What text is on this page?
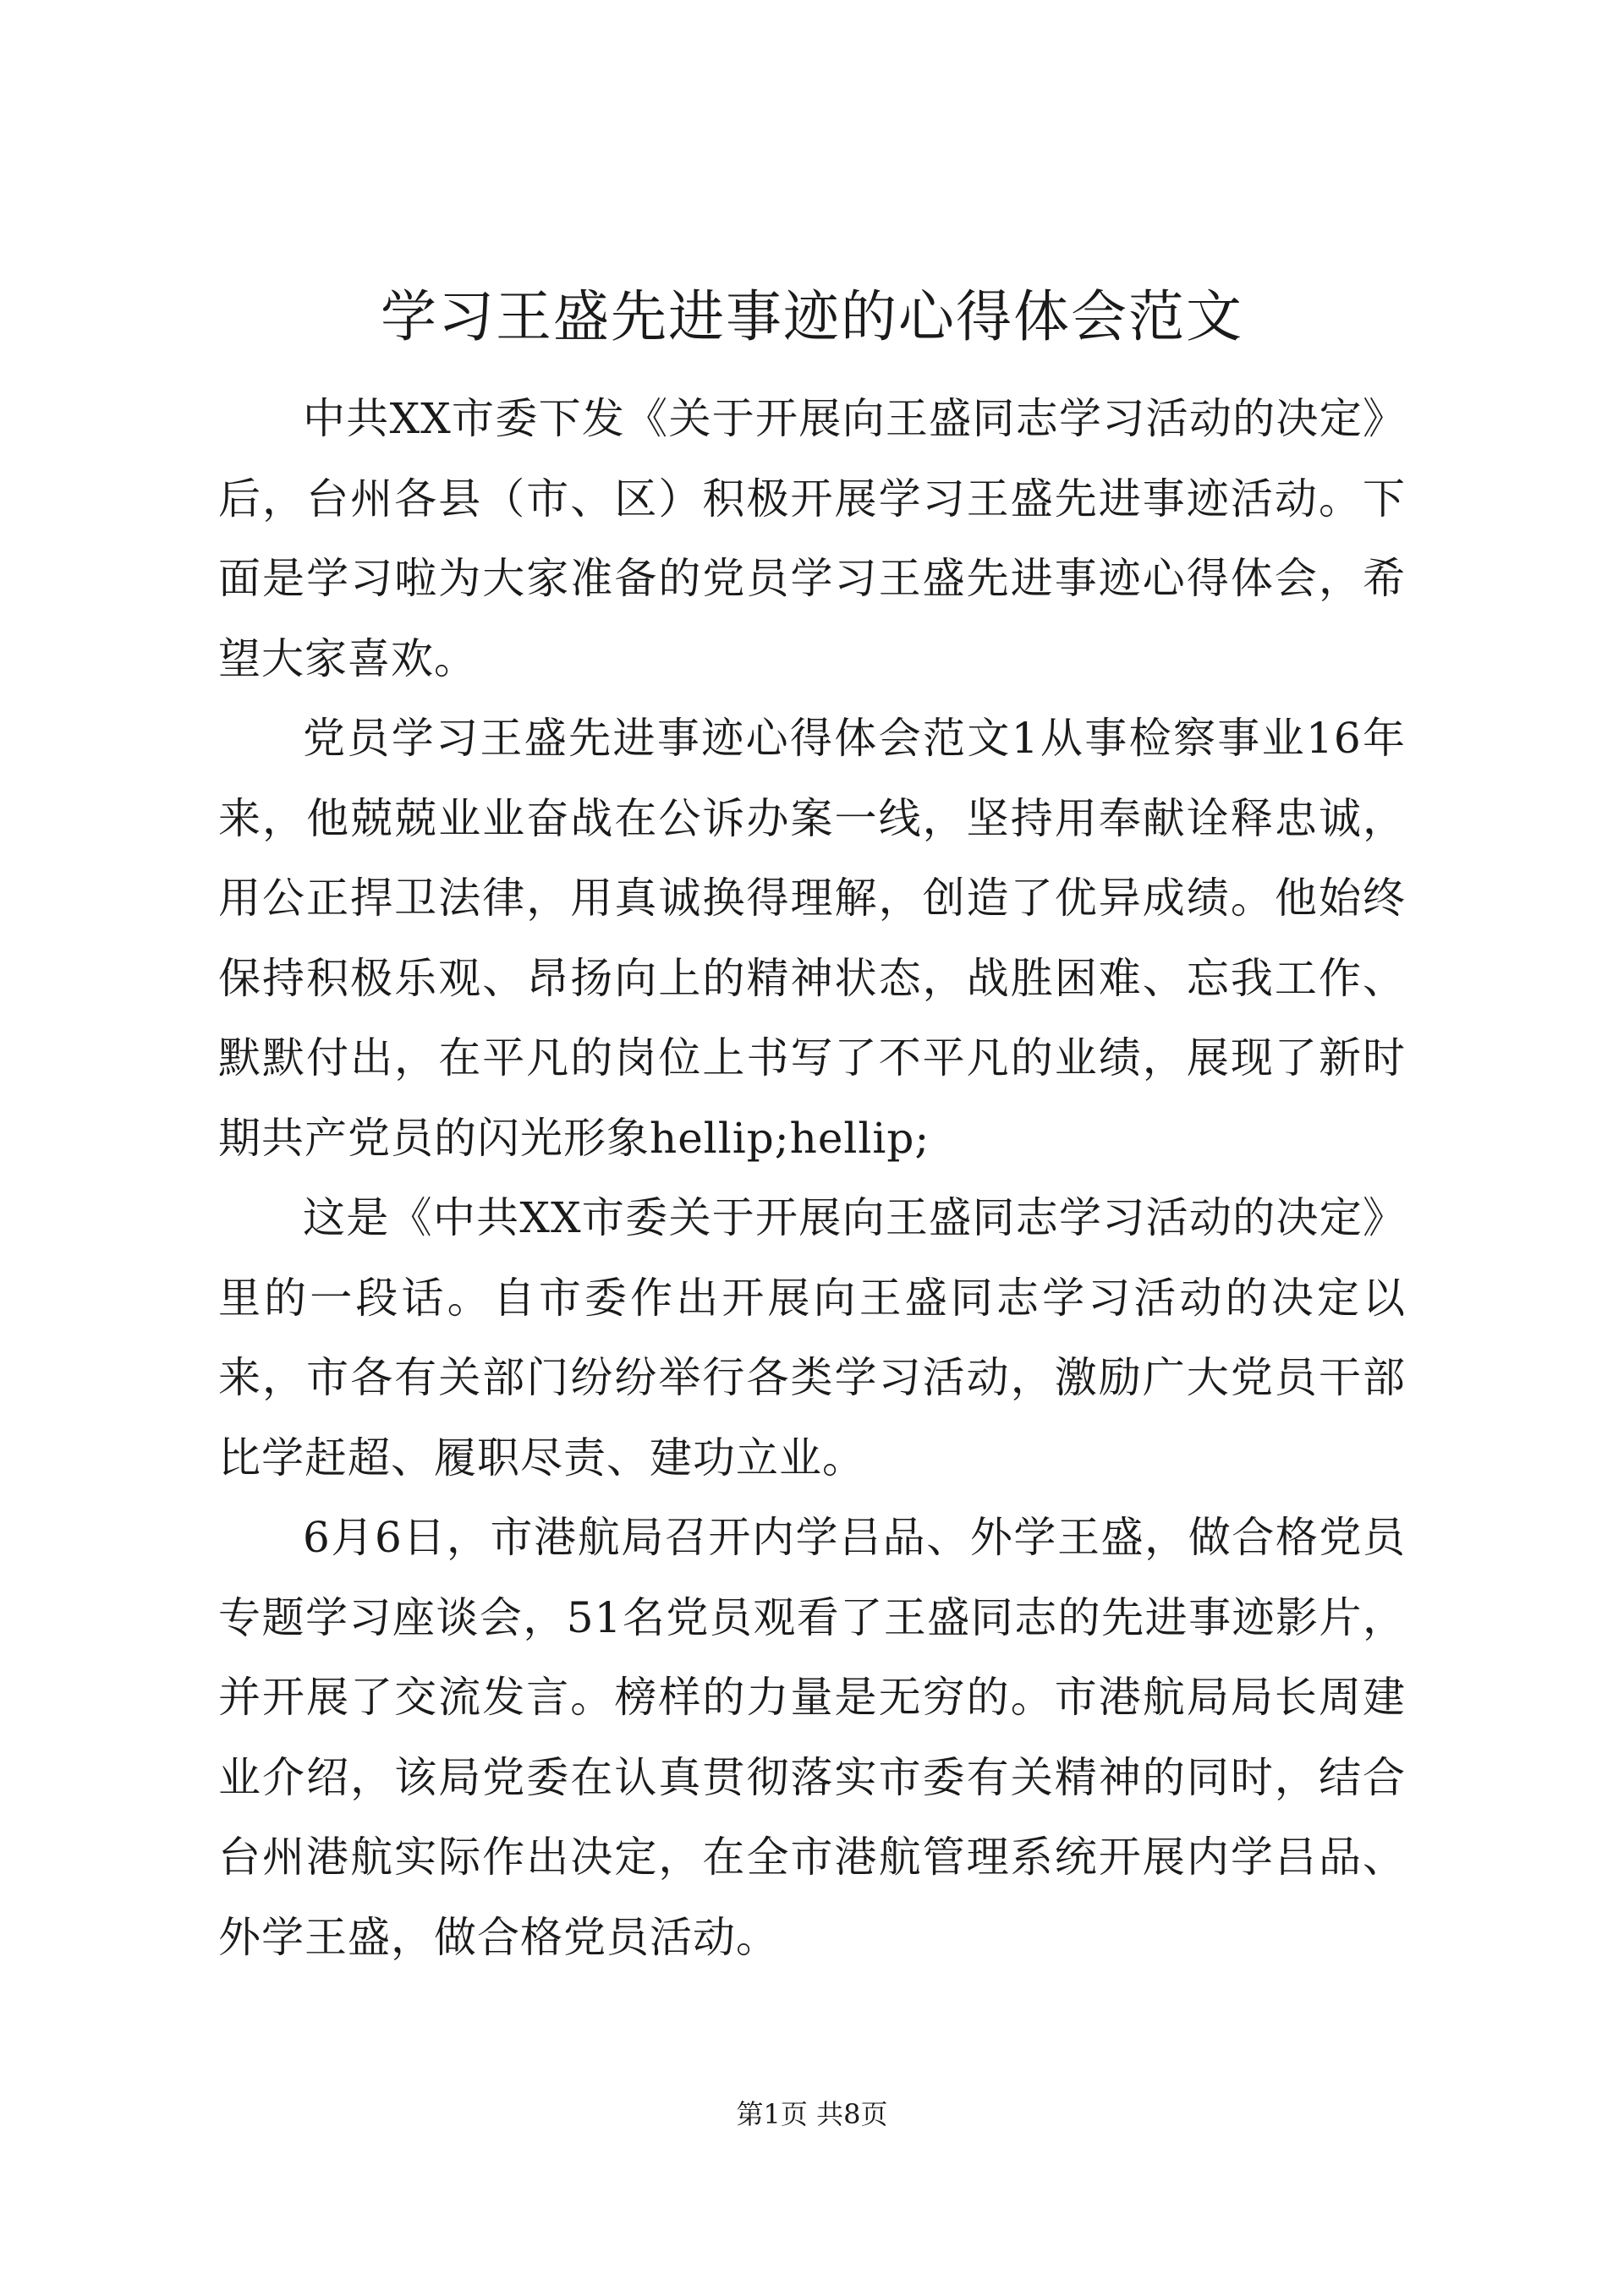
学习王盛先进事迹的心得体会范文

中共XX市委下发《关于开展向王盛同志学习活动的决定》后，台州各县（市、区）积极开展学习王盛先进事迹活动。下面是学习啦为大家准备的党员学习王盛先进事迹心得体会，希望大家喜欢。

党员学习王盛先进事迹心得体会范文1从事检察事业16年来，他兢兢业业奋战在公诉办案一线，坚持用奉献诠释忠诚，用公正捍卫法律，用真诚换得理解，创造了优异成绩。他始终保持积极乐观、昂扬向上的精神状态，战胜困难、忘我工作、默默付出，在平凡的岗位上书写了不平凡的业绩，展现了新时期共产党员的闪光形象hellip;hellip;

这是《中共XX市委关于开展向王盛同志学习活动的决定》里的一段话。自市委作出开展向王盛同志学习活动的决定以来，市各有关部门纷纷举行各类学习活动，激励广大党员干部比学赶超、履职尽责、建功立业。

6月6日，市港航局召开内学吕品、外学王盛，做合格党员专题学习座谈会，51名党员观看了王盛同志的先进事迹影片，并开展了交流发言。榜样的力量是无穷的。市港航局局长周建业介绍，该局党委在认真贯彻落实市委有关精神的同时，结合台州港航实际作出决定，在全市港航管理系统开展内学吕品、外学王盛，做合格党员活动。

第1页 共8页
